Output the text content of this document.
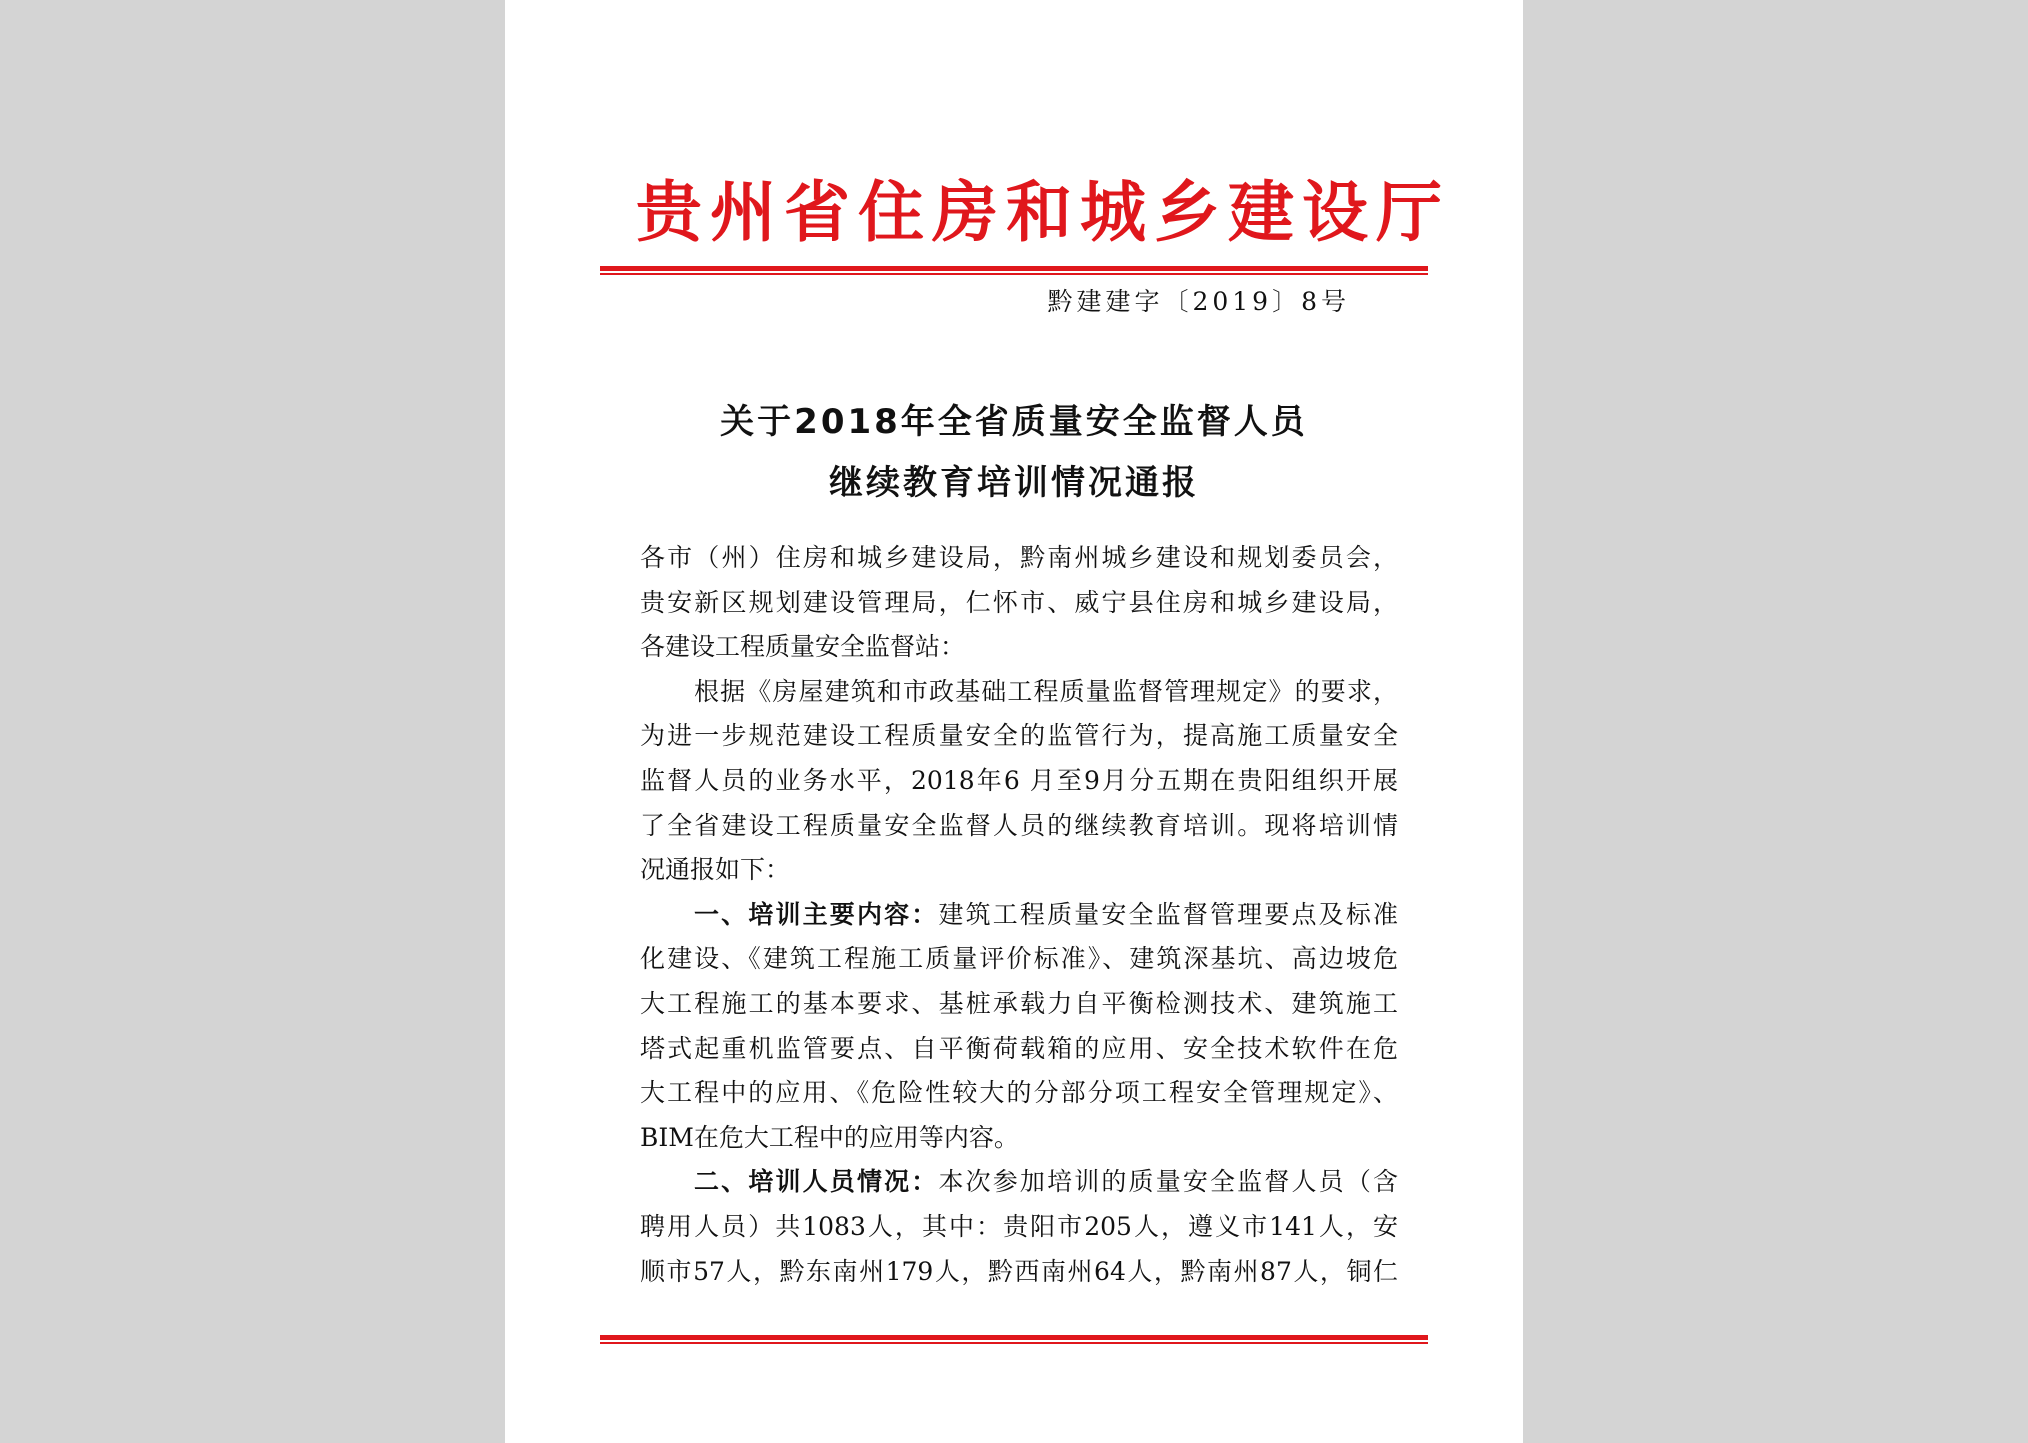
贵州省住房和城乡建设厅
黔建建字〔2019〕8号
关于2018年全省质量安全监督人员
继续教育培训情况通报
各市（州）住房和城乡建设局，黔南州城乡建设和规划委员会，
贵安新区规划建设管理局，仁怀市、威宁县住房和城乡建设局，
各建设工程质量安全监督站：
根据《房屋建筑和市政基础工程质量监督管理规定》的要求，
为进一步规范建设工程质量安全的监管行为，提高施工质量安全
监督人员的业务水平，2018年6 月至9月分五期在贵阳组织开展
了全省建设工程质量安全监督人员的继续教育培训。现将培训情
况通报如下：
一、培训主要内容：建筑工程质量安全监督管理要点及标准
化建设、《建筑工程施工质量评价标准》、建筑深基坑、高边坡危
大工程施工的基本要求、基桩承载力自平衡检测技术、建筑施工
塔式起重机监管要点、自平衡荷载箱的应用、安全技术软件在危
大工程中的应用、《危险性较大的分部分项工程安全管理规定》、
BIM在危大工程中的应用等内容。
二、培训人员情况：本次参加培训的质量安全监督人员（含
聘用人员）共1083人，其中：贵阳市205人，遵义市141人，安
顺市57人，黔东南州179人，黔西南州64人，黔南州87人，铜仁
